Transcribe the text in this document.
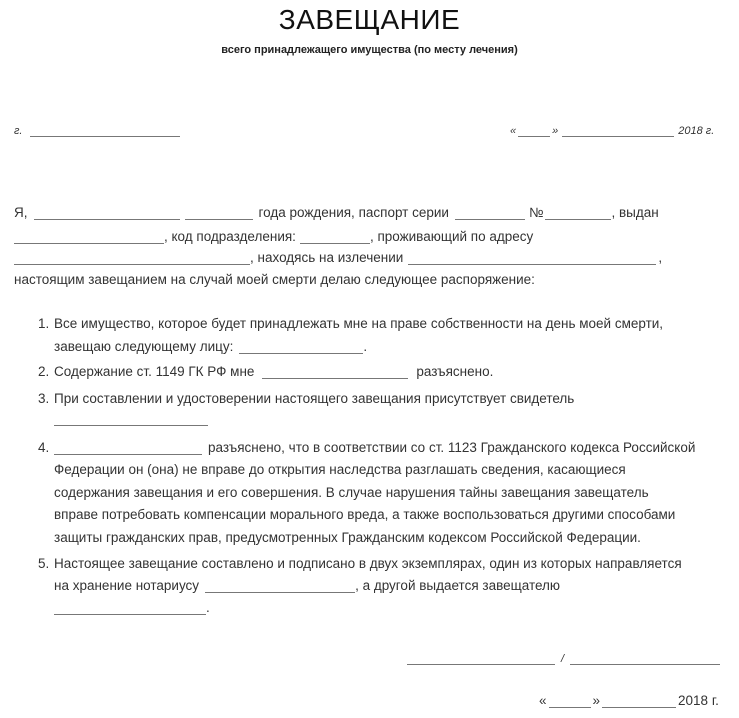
ЗАВЕЩАНИЕ
всего принадлежащего имущества (по месту лечения)
г.	«	»	2018 г.
Я,	года рождения, паспорт серии	№	, выдан
, код подразделения:	, проживающий по адресу
, находясь на излечении	,
настоящим завещанием на случай моей смерти делаю следующее распоряжение:
1. Все имущество, которое будет принадлежать мне на праве собственности на день моей смерти,
завещаю следующему лицу:	.
2. Содержание ст. 1149 ГК РФ мне	разъяснено.
3. При составлении и удостоверении настоящего завещания присутствует свидетель
4.	разъяснено, что в соответствии со ст. 1123 Гражданского кодекса Российской
Федерации он (она) не вправе до открытия наследства разглашать сведения, касающиеся
содержания завещания и его совершения. В случае нарушения тайны завещания завещатель
вправе потребовать компенсации морального вреда, а также воспользоваться другими способами
защиты гражданских прав, предусмотренных Гражданским кодексом Российской Федерации.
5. Настоящее завещание составлено и подписано в двух экземплярах, один из которых направляется
на хранение нотариусу	, а другой выдается завещателю
.
/
«	»	2018 г.
